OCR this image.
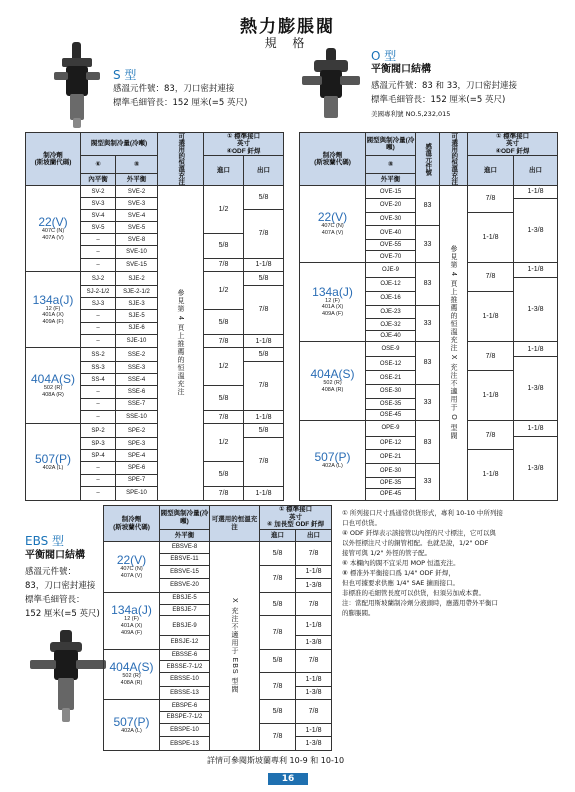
熱力膨脹閥
規 格
S 型
感溫元件號：83，刀口密封連接
標準毛細管長：152 厘米(=5 英尺)
O 型
平衡閥口結構
感溫元件號：83 和 33，刀口密封連接
標準毛細管長：152 厘米(=5 英尺)
美國專利號 NO.5,232,015
制冷劑
(斯坡蘭代碼)	閥型與制冷量(冷噸)		可選用的恒溫充注	① 標準接口
英寸
④ODF 釺焊	
	⑥	⑧		進口	出口
	內平衡	外平衡			
22(V)
407C (N)
407A (V)	SV-2	SVE-2	參見第 4 頁上推薦的恒溫充注	1/2	5/8
	SV-3	SVE-3			
	SV-4	SVE-4			7/8
	SV-5	SVE-5			
	–	SVE-8		5/8	
	–	SVE-10			
	–	SVE-15		7/8	1-1/8
134a(J)
12 (F)
401A (X)
409A (F)	SJ-2	SJE-2		1/2	5/8
	SJ-2-1/2	SJE-2-1/2			7/8
	SJ-3	SJE-3			
	–	SJE-5		5/8	
	–	SJE-6			
	–	SJE-10		7/8	1-1/8
404A(S)
502 (R)
408A (R)	SS-2	SSE-2		1/2	5/8
	SS-3	SSE-3			7/8
	SS-4	SSE-4			
	–	SSE-6		5/8	
	–	SSE-7			
	–	SSE-10		7/8	1-1/8
507(P)
402A (L)	SP-2	SPE-2		1/2	5/8
	SP-3	SPE-3			7/8
	SP-4	SPE-4			
	–	SPE-6		5/8	
	–	SPE-7			
	–	SPE-10		7/8	1-1/8
制冷劑
(斯坡蘭代碼)	閥型與制冷量(冷噸)	感溫元件號	可選用的恒溫充注	① 標準接口
英寸
④ODF 釺焊	
	⑧			進口	出口
	外平衡				
22(V)
407C (N)
407A (V)	OVE-15	83	參見第 4 頁上推薦的恒溫充注 X 充注不適用于 O 型閥	7/8	1-1/8
	OVE-20				1-3/8
	OVE-30			1-1/8	
	OVE-40	33			
	OVE-55				
	OVE-70				
134a(J)
12 (F)
401A (X)
409A (F)	OJE-9	83		7/8	1-1/8
	OJE-12				1-3/8
	OJE-16			1-1/8	
	OJE-23	33			
	OJE-32				
	OJE-40				
404A(S)
502 (R)
408A (R)	OSE-9	83		7/8	1-1/8
	OSE-12				1-3/8
	OSE-21			1-1/8	
	OSE-30	33			
	OSE-35				
	OSE-45				
507(P)
402A (L)	OPE-9	83		7/8	1-1/8
	OPE-12				1-3/8
	OPE-21			1-1/8	
	OPE-30	33			
	OPE-35				
	OPE-45				
EBS 型
平衡閥口結構
感溫元件號：
83，刀口密封連接
標準毛細管長：
152 厘米(=5 英尺)
制冷劑
(斯坡蘭代碼)	閥型與制冷量(冷噸)	可選用的恒溫充注	① 標準接口
英寸
④ 加長型 ODF 釺焊	
	外平衡		進口	出口
22(V)
407C (N)
407A (V)	EBSVE-8	X 充注不適用于 EBS 型閥	5/8	7/8
	EBSVE-11			
	EBSVE-15		7/8	1-1/8
	EBSVE-20			1-3/8
134a(J)
12 (F)
401A (X)
409A (F)	EBSJE-5		5/8	7/8
	EBSJE-7			
	EBSJE-9		7/8	1-1/8
	EBSJE-12			1-3/8
404A(S)
502 (R)
408A (R)	EBSSE-6		5/8	7/8
	EBSSE-7-1/2			
	EBSSE-10		7/8	1-1/8
	EBSSE-13			1-3/8
507(P)
402A (L)	EBSPE-6		5/8	7/8
	EBSPE-7-1/2			
	EBSPE-10		7/8	1-1/8
	EBSPE-13			1-3/8
① 所列接口尺寸爲通常供貨形式，專利 10-10 中所列接
口也可供貨。
④ ODF 釺焊表示該接管以內徑的尺寸標注，它可以與
以外徑標注尺寸的銅管相配。也就是說，1/2" ODF
接管可與 1/2" 外徑的管子配。
⑥ 本欄內的閥不宜采用 MOP 恒溫充注。
⑧ 標准外平衡接口爲 1/4" ODF 釺焊，
但也可據要求供應 1/4" SAE 擴面接口。
非標准的毛細管長度可以供貨，但須另加成本費。
注：當配用斯坡蘭制冷劑分液頭時，應選用帶外平衡口
的膨脹閥。
詳情可參閱斯坡蘭專利 10-9 和 10-10
16
